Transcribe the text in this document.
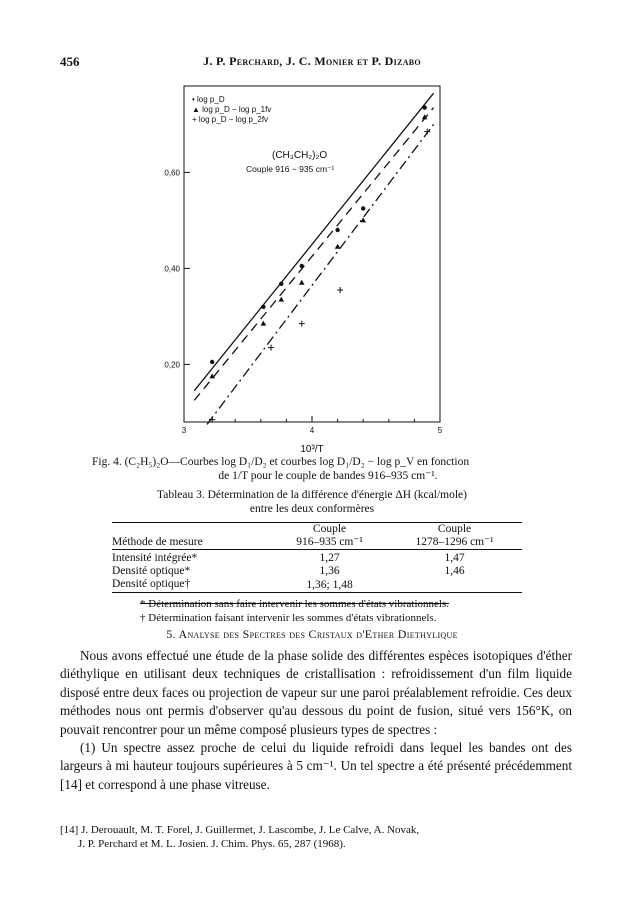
456	J. P. Perchard, J. C. Monier et P. Dizabo
3	4	5
0,20
0,40
0,60
• log p_D
▲ log p_D − log p_1fv
+ log p_D − log p_2fv
(CH₃CH₂)₂O
Couple 916 − 935 cm⁻¹
10³/T
Fig. 4. (C₂H₅)₂O—Courbes log D₁/D₂ et courbes log D₁/D₂ − log p_V en fonction
de 1/T pour le couple de bandes 916–935 cm⁻¹.
Tableau 3. Détermination de la différence d'énergie ΔH (kcal/mole)
entre les deux conformères
	Couple	Couple
Méthode de mesure	916–935 cm⁻¹	1278–1296 cm⁻¹
Intensité intégrée*	1,27	1,47
Densité optique*	1,36	1,46
Densité optique†	1,36; 1,48	
* Détermination sans faire intervenir les sommes d'états vibrationnels.
† Détermination faisant intervenir les sommes d'états vibrationnels.
5. Analyse des Spectres des Cristaux d'Ether Diethylique

Nous avons effectué une étude de la phase solide des différentes espèces isotopiques d'éther diéthylique en utilisant deux techniques de cristallisation : refroidissement d'un film liquide disposé entre deux faces ou projection de vapeur sur une paroi préalablement refroidie. Ces deux méthodes nous ont permis d'observer qu'au dessous du point de fusion, situé vers 156°K, on pouvait rencontrer pour un même composé plusieurs types de spectres :

(1) Un spectre assez proche de celui du liquide refroidi dans lequel les bandes ont des largeurs à mi hauteur toujours supérieures à 5 cm⁻¹. Un tel spectre a été présenté précédemment [14] et correspond à une phase vitreuse.

[14] J. Derouault, M. T. Forel, J. Guillermet, J. Lascombe, J. Le Calve, A. Novak,
J. P. Perchard et M. L. Josien. J. Chim. Phys. 65, 287 (1968).
